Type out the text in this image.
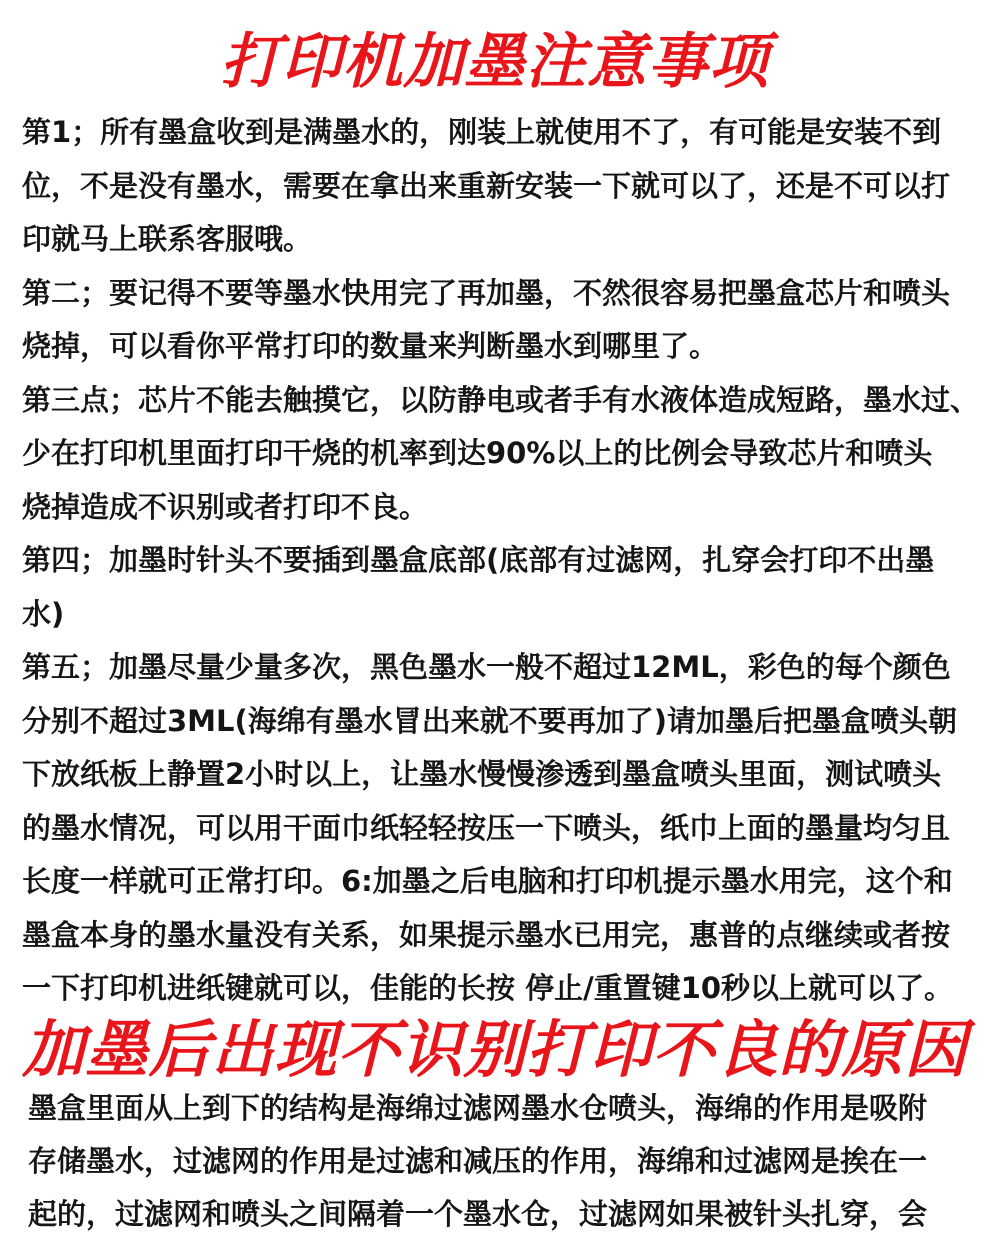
打印机加墨注意事项
第1；所有墨盒收到是满墨水的，刚装上就使用不了，有可能是安装不到
位，不是没有墨水，需要在拿出来重新安装一下就可以了，还是不可以打
印就马上联系客服哦。
第二；要记得不要等墨水快用完了再加墨，不然很容易把墨盒芯片和喷头
烧掉，可以看你平常打印的数量来判断墨水到哪里了。
第三点；芯片不能去触摸它，以防静电或者手有水液体造成短路，墨水过、
少在打印机里面打印干烧的机率到达90%以上的比例会导致芯片和喷头
烧掉造成不识别或者打印不良。
第四；加墨时针头不要插到墨盒底部(底部有过滤网，扎穿会打印不出墨
水)
第五；加墨尽量少量多次，黑色墨水一般不超过12ML，彩色的每个颜色
分别不超过3ML(海绵有墨水冒出来就不要再加了)请加墨后把墨盒喷头朝
下放纸板上静置2小时以上，让墨水慢慢渗透到墨盒喷头里面，测试喷头
的墨水情况，可以用干面巾纸轻轻按压一下喷头，纸巾上面的墨量均匀且
长度一样就可正常打印。6:加墨之后电脑和打印机提示墨水用完，这个和
墨盒本身的墨水量没有关系，如果提示墨水已用完，惠普的点继续或者按
一下打印机进纸键就可以，佳能的长按 停止/重置键10秒以上就可以了。
加墨后出现不识别打印不良的原因
墨盒里面从上到下的结构是海绵过滤网墨水仓喷头，海绵的作用是吸附
存储墨水，过滤网的作用是过滤和减压的作用，海绵和过滤网是挨在一
起的，过滤网和喷头之间隔着一个墨水仓，过滤网如果被针头扎穿，会
